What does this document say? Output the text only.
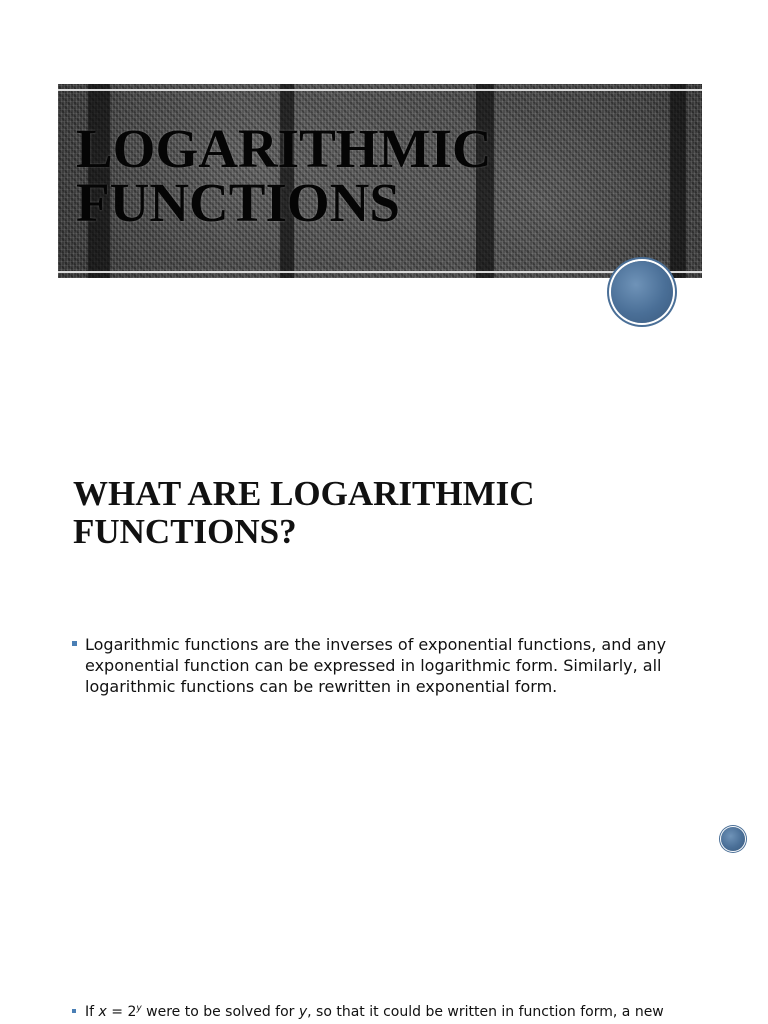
LOGARITHMIC
FUNCTIONS
WHAT ARE LOGARITHMIC
FUNCTIONS?
Logarithmic functions are the inverses of exponential functions, and any exponential function can be expressed in logarithmic form. Similarly, all logarithmic functions can be rewritten in exponential form.
If $x = 2^y$ were to be solved for y, so that it could be written in function form, a new
